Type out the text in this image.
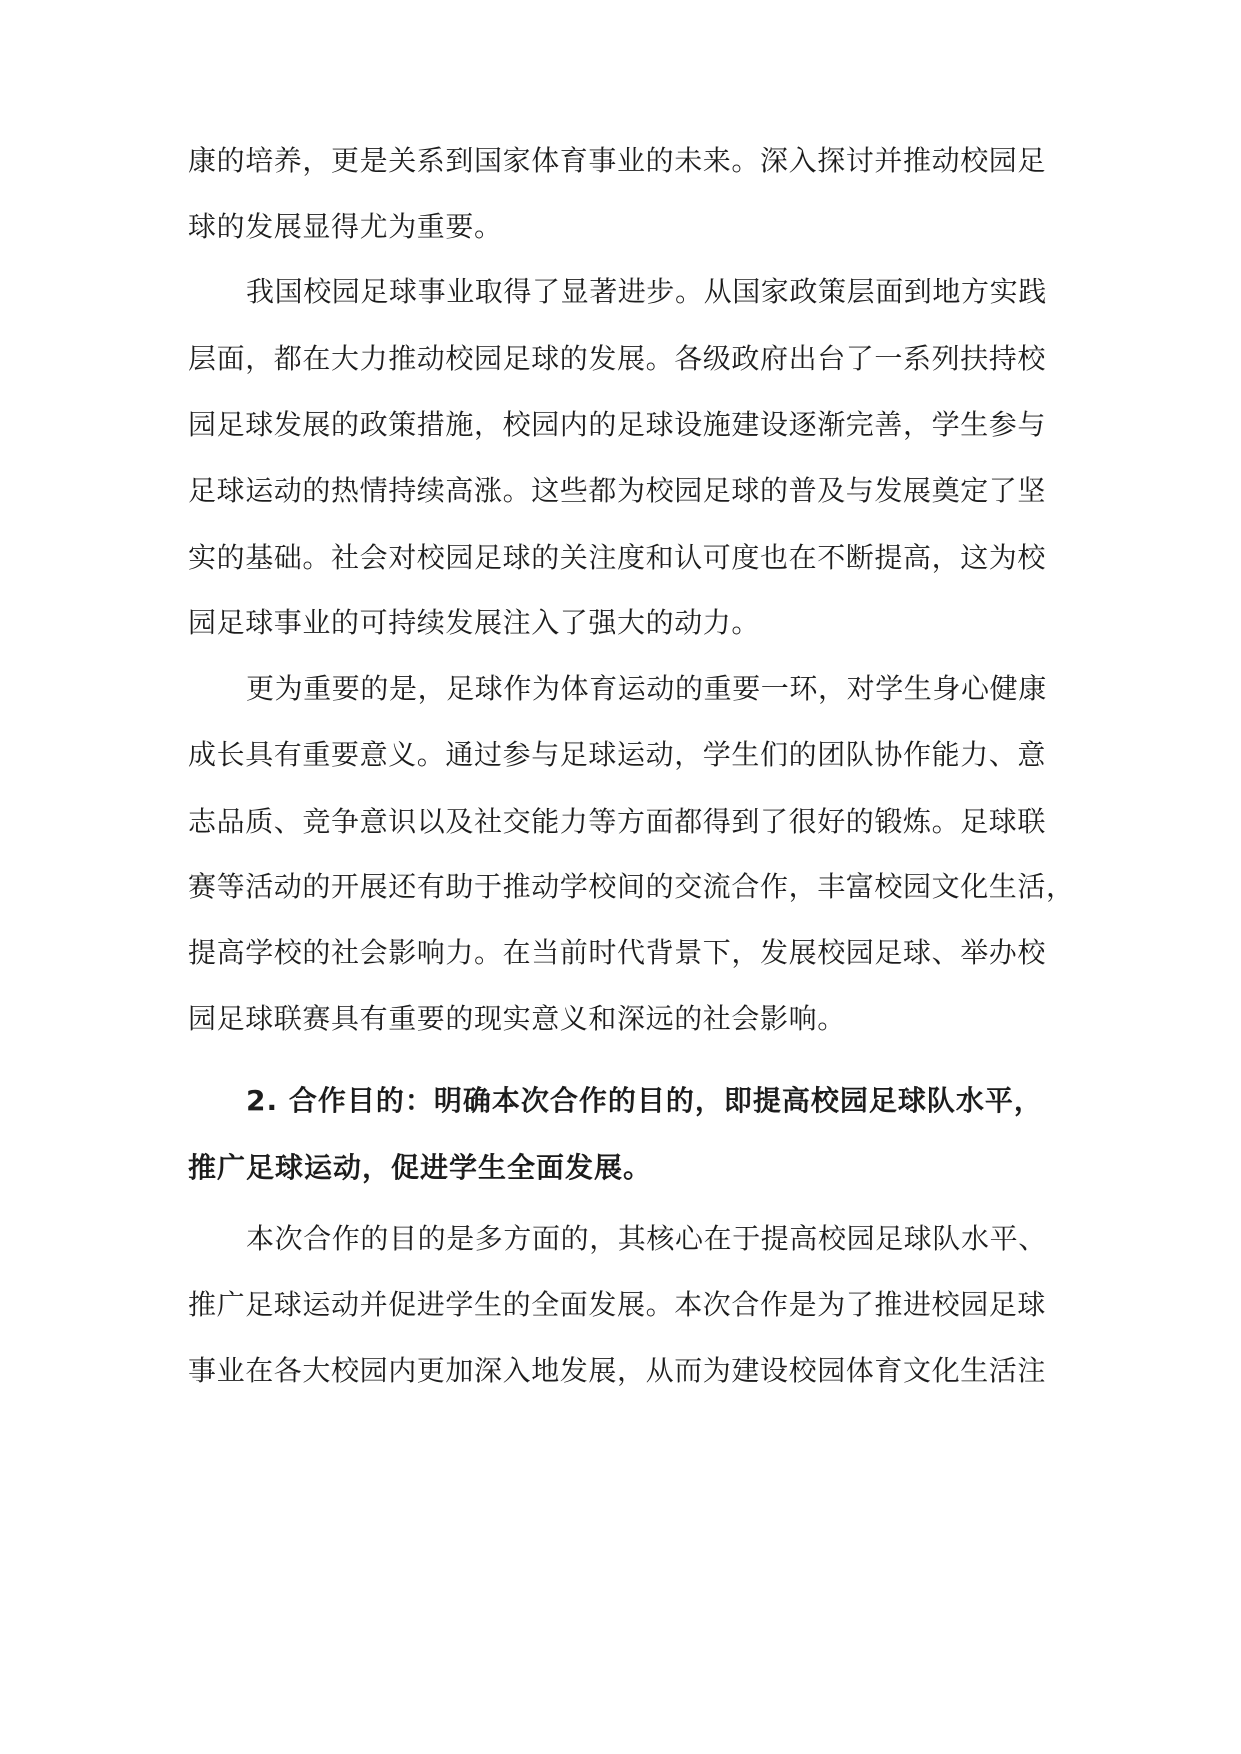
康的培养，更是关系到国家体育事业的未来。深入探讨并推动校园足
球的发展显得尤为重要。
我国校园足球事业取得了显著进步。从国家政策层面到地方实践
层面，都在大力推动校园足球的发展。各级政府出台了一系列扶持校
园足球发展的政策措施，校园内的足球设施建设逐渐完善，学生参与
足球运动的热情持续高涨。这些都为校园足球的普及与发展奠定了坚
实的基础。社会对校园足球的关注度和认可度也在不断提高，这为校
园足球事业的可持续发展注入了强大的动力。
更为重要的是，足球作为体育运动的重要一环，对学生身心健康
成长具有重要意义。通过参与足球运动，学生们的团队协作能力、意
志品质、竞争意识以及社交能力等方面都得到了很好的锻炼。足球联
赛等活动的开展还有助于推动学校间的交流合作，丰富校园文化生活，
提高学校的社会影响力。在当前时代背景下，发展校园足球、举办校
园足球联赛具有重要的现实意义和深远的社会影响。
2. 合作目的：明确本次合作的目的，即提高校园足球队水平，
推广足球运动，促进学生全面发展。
本次合作的目的是多方面的，其核心在于提高校园足球队水平、
推广足球运动并促进学生的全面发展。本次合作是为了推进校园足球
事业在各大校园内更加深入地发展，从而为建设校园体育文化生活注
